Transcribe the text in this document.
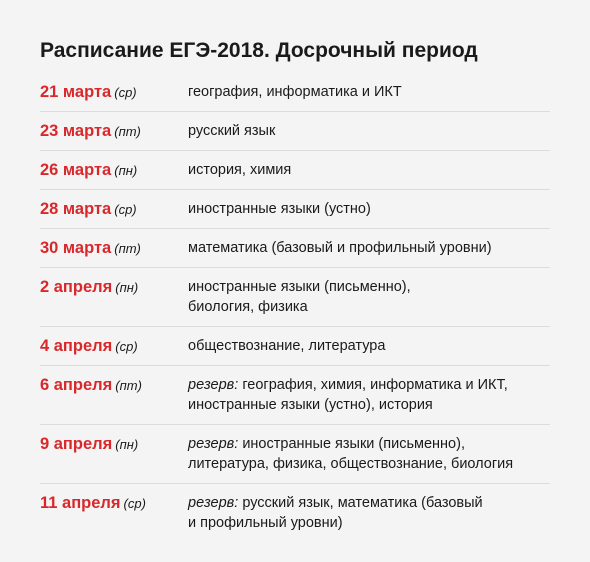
Расписание ЕГЭ-2018. Досрочный период
21 марта (ср)	география, информатика и ИКТ
23 марта (пт)	русский язык
26 марта (пн)	история, химия
28 марта (ср)	иностранные языки (устно)
30 марта (пт)	математика (базовый и профильный уровни)
2 апреля (пн)	иностранные языки (письменно),
биология, физика
4 апреля (ср)	обществознание, литература
6 апреля (пт)	резерв: география, химия, информатика и ИКТ,
иностранные языки (устно), история
9 апреля (пн)	резерв: иностранные языки (письменно),
литература, физика, обществознание, биология
11 апреля (ср)	резерв: русский язык, математика (базовый
и профильный уровни)
